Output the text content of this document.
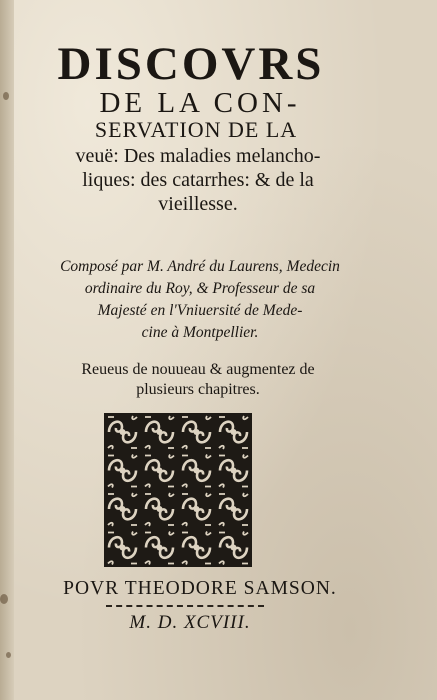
DISCOVRS
DE LA CON-
SERVATION DE LA
veuë: Des maladies melancho-
liques: des catarrhes: & de la
vieillesse.
Composé par M. André du Laurens, Medecin
ordinaire du Roy, & Professeur de sa
Majesté en l'Vniuersité de Mede-
cine à Montpellier.
Reueus de nouueau & augmentez de
plusieurs chapitres.
POVR THEODORE SAMSON.
M. D. XCVIII.
